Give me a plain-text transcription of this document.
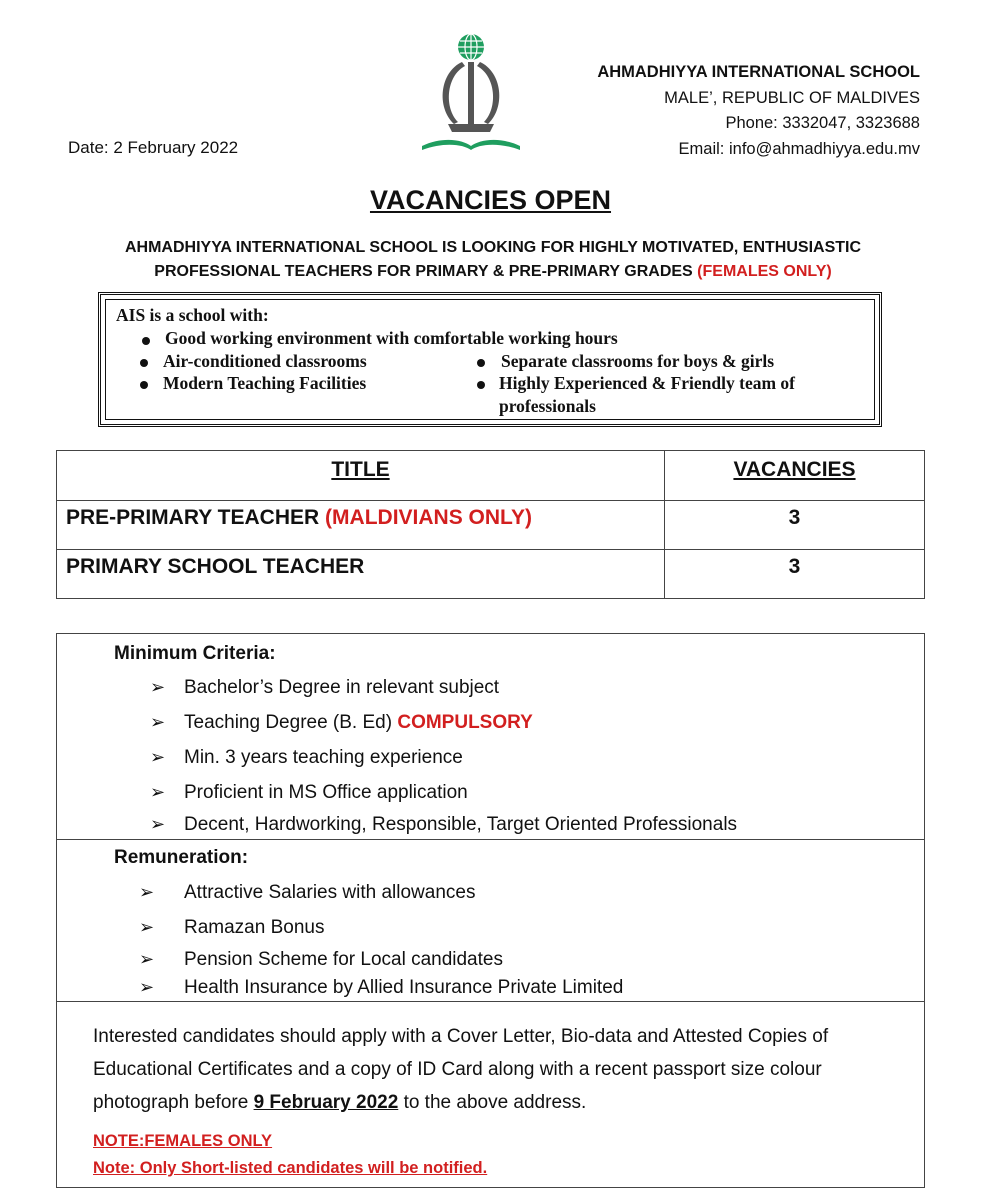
Date: 2 February 2022
AHMADHIYYA INTERNATIONAL SCHOOL
MALE’, REPUBLIC OF MALDIVES
Phone: 3332047, 3323688
Email: info@ahmadhiyya.edu.mv
VACANCIES OPEN
AHMADHIYYA INTERNATIONAL SCHOOL IS LOOKING FOR HIGHLY MOTIVATED, ENTHUSIASTIC
PROFESSIONAL TEACHERS FOR PRIMARY & PRE-PRIMARY GRADES (FEMALES ONLY)
AIS is a school with:
Good working environment with comfortable working hours
Air-conditioned classrooms	Separate classrooms for boys & girls
Modern Teaching Facilities	Highly Experienced & Friendly team of
professionals
TITLE	VACANCIES
PRE-PRIMARY TEACHER (MALDIVIANS ONLY)	3
PRIMARY SCHOOL TEACHER	3
Minimum Criteria:
➢ Bachelor’s Degree in relevant subject
➢ Teaching Degree (B. Ed) COMPULSORY
➢ Min. 3 years teaching experience
➢ Proficient in MS Office application
➢ Decent, Hardworking, Responsible, Target Oriented Professionals
Remuneration:
➢ Attractive Salaries with allowances
➢ Ramazan Bonus
➢ Pension Scheme for Local candidates
➢ Health Insurance by Allied Insurance Private Limited
Interested candidates should apply with a Cover Letter, Bio-data and Attested Copies of Educational Certificates and a copy of ID Card along with a recent passport size colour photograph before 9 February 2022 to the above address.
NOTE:FEMALES ONLY
Note: Only Short-listed candidates will be notified.
